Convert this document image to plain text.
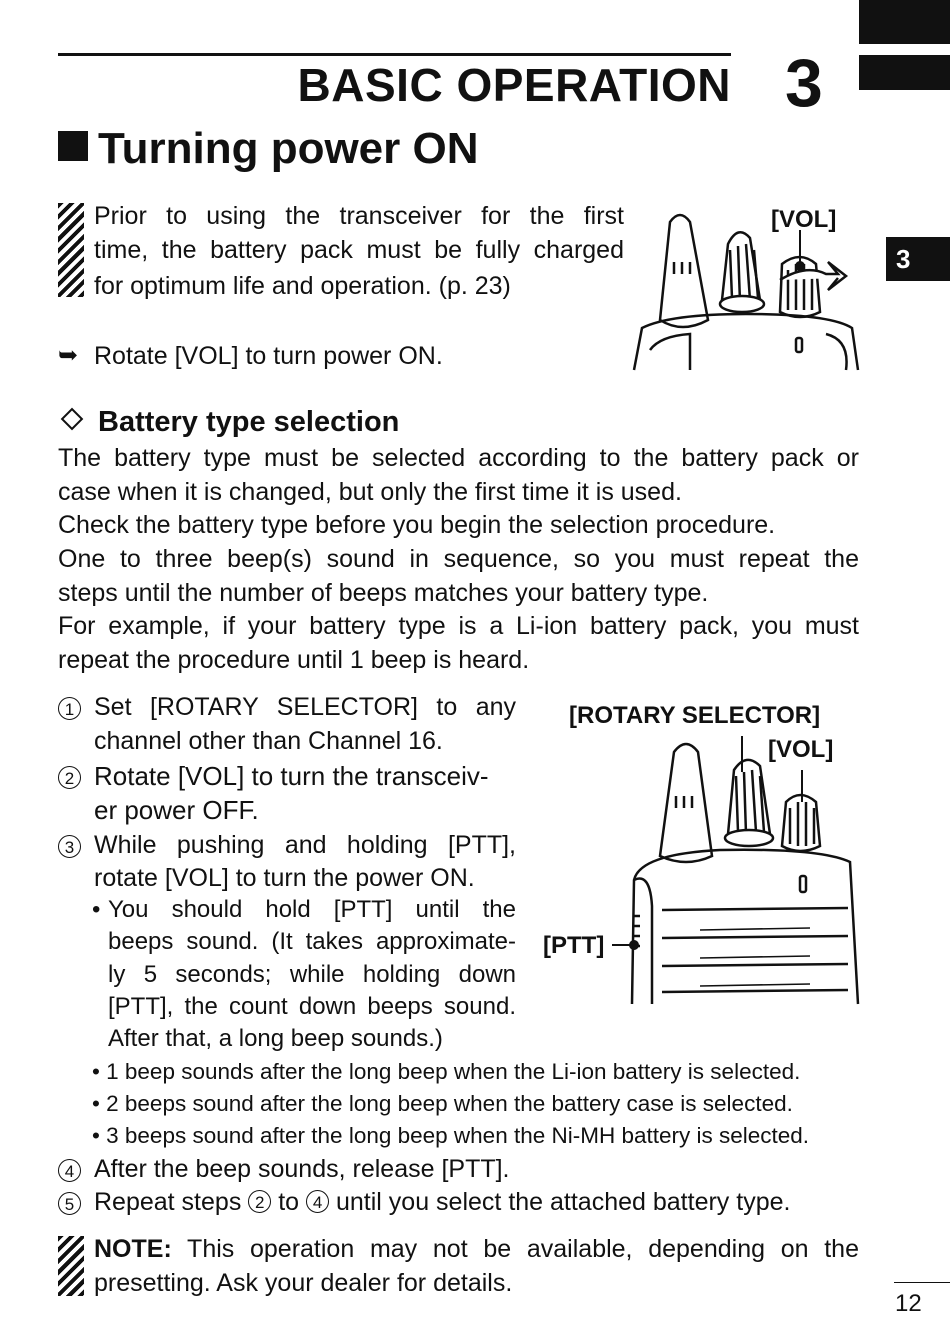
3
BASIC OPERATION 3
Turning power ON
Prior to using the transceiver for the first
time, the battery pack must be fully charged
for optimum life and operation. (p. 23)
➥ Rotate [VOL] to turn power ON.
[VOL]
Battery type selection
The battery type must be selected according to the battery pack or
case when it is changed, but only the first time it is used.
Check the battery type before you begin the selection procedure.
One to three beep(s) sound in sequence, so you must repeat the
steps until the number of beeps matches your battery type.
For example, if your battery type is a Li-ion battery pack, you must
repeat the procedure until 1 beep is heard.
1 Set [ROTARY SELECTOR] to any
channel other than Channel 16.
2 Rotate [VOL] to turn the transceiv-
er power OFF.
3 While pushing and holding [PTT],
rotate [VOL] to turn the power ON.
• You should hold [PTT] until the
beeps sound. (It takes approximate-
ly 5 seconds; while holding down
[PTT], the count down beeps sound.
After that, a long beep sounds.)
• 1 beep sounds after the long beep when the Li-ion battery is selected.
• 2 beeps sound after the long beep when the battery case is selected.
• 3 beeps sound after the long beep when the Ni-MH battery is selected.
4 After the beep sounds, release [PTT].
5 Repeat steps 2 to 4 until you select the attached battery type.
[ROTARY SELECTOR]
[VOL]
[PTT]
NOTE: This operation may not be available, depending on the
presetting. Ask your dealer for details.
12
